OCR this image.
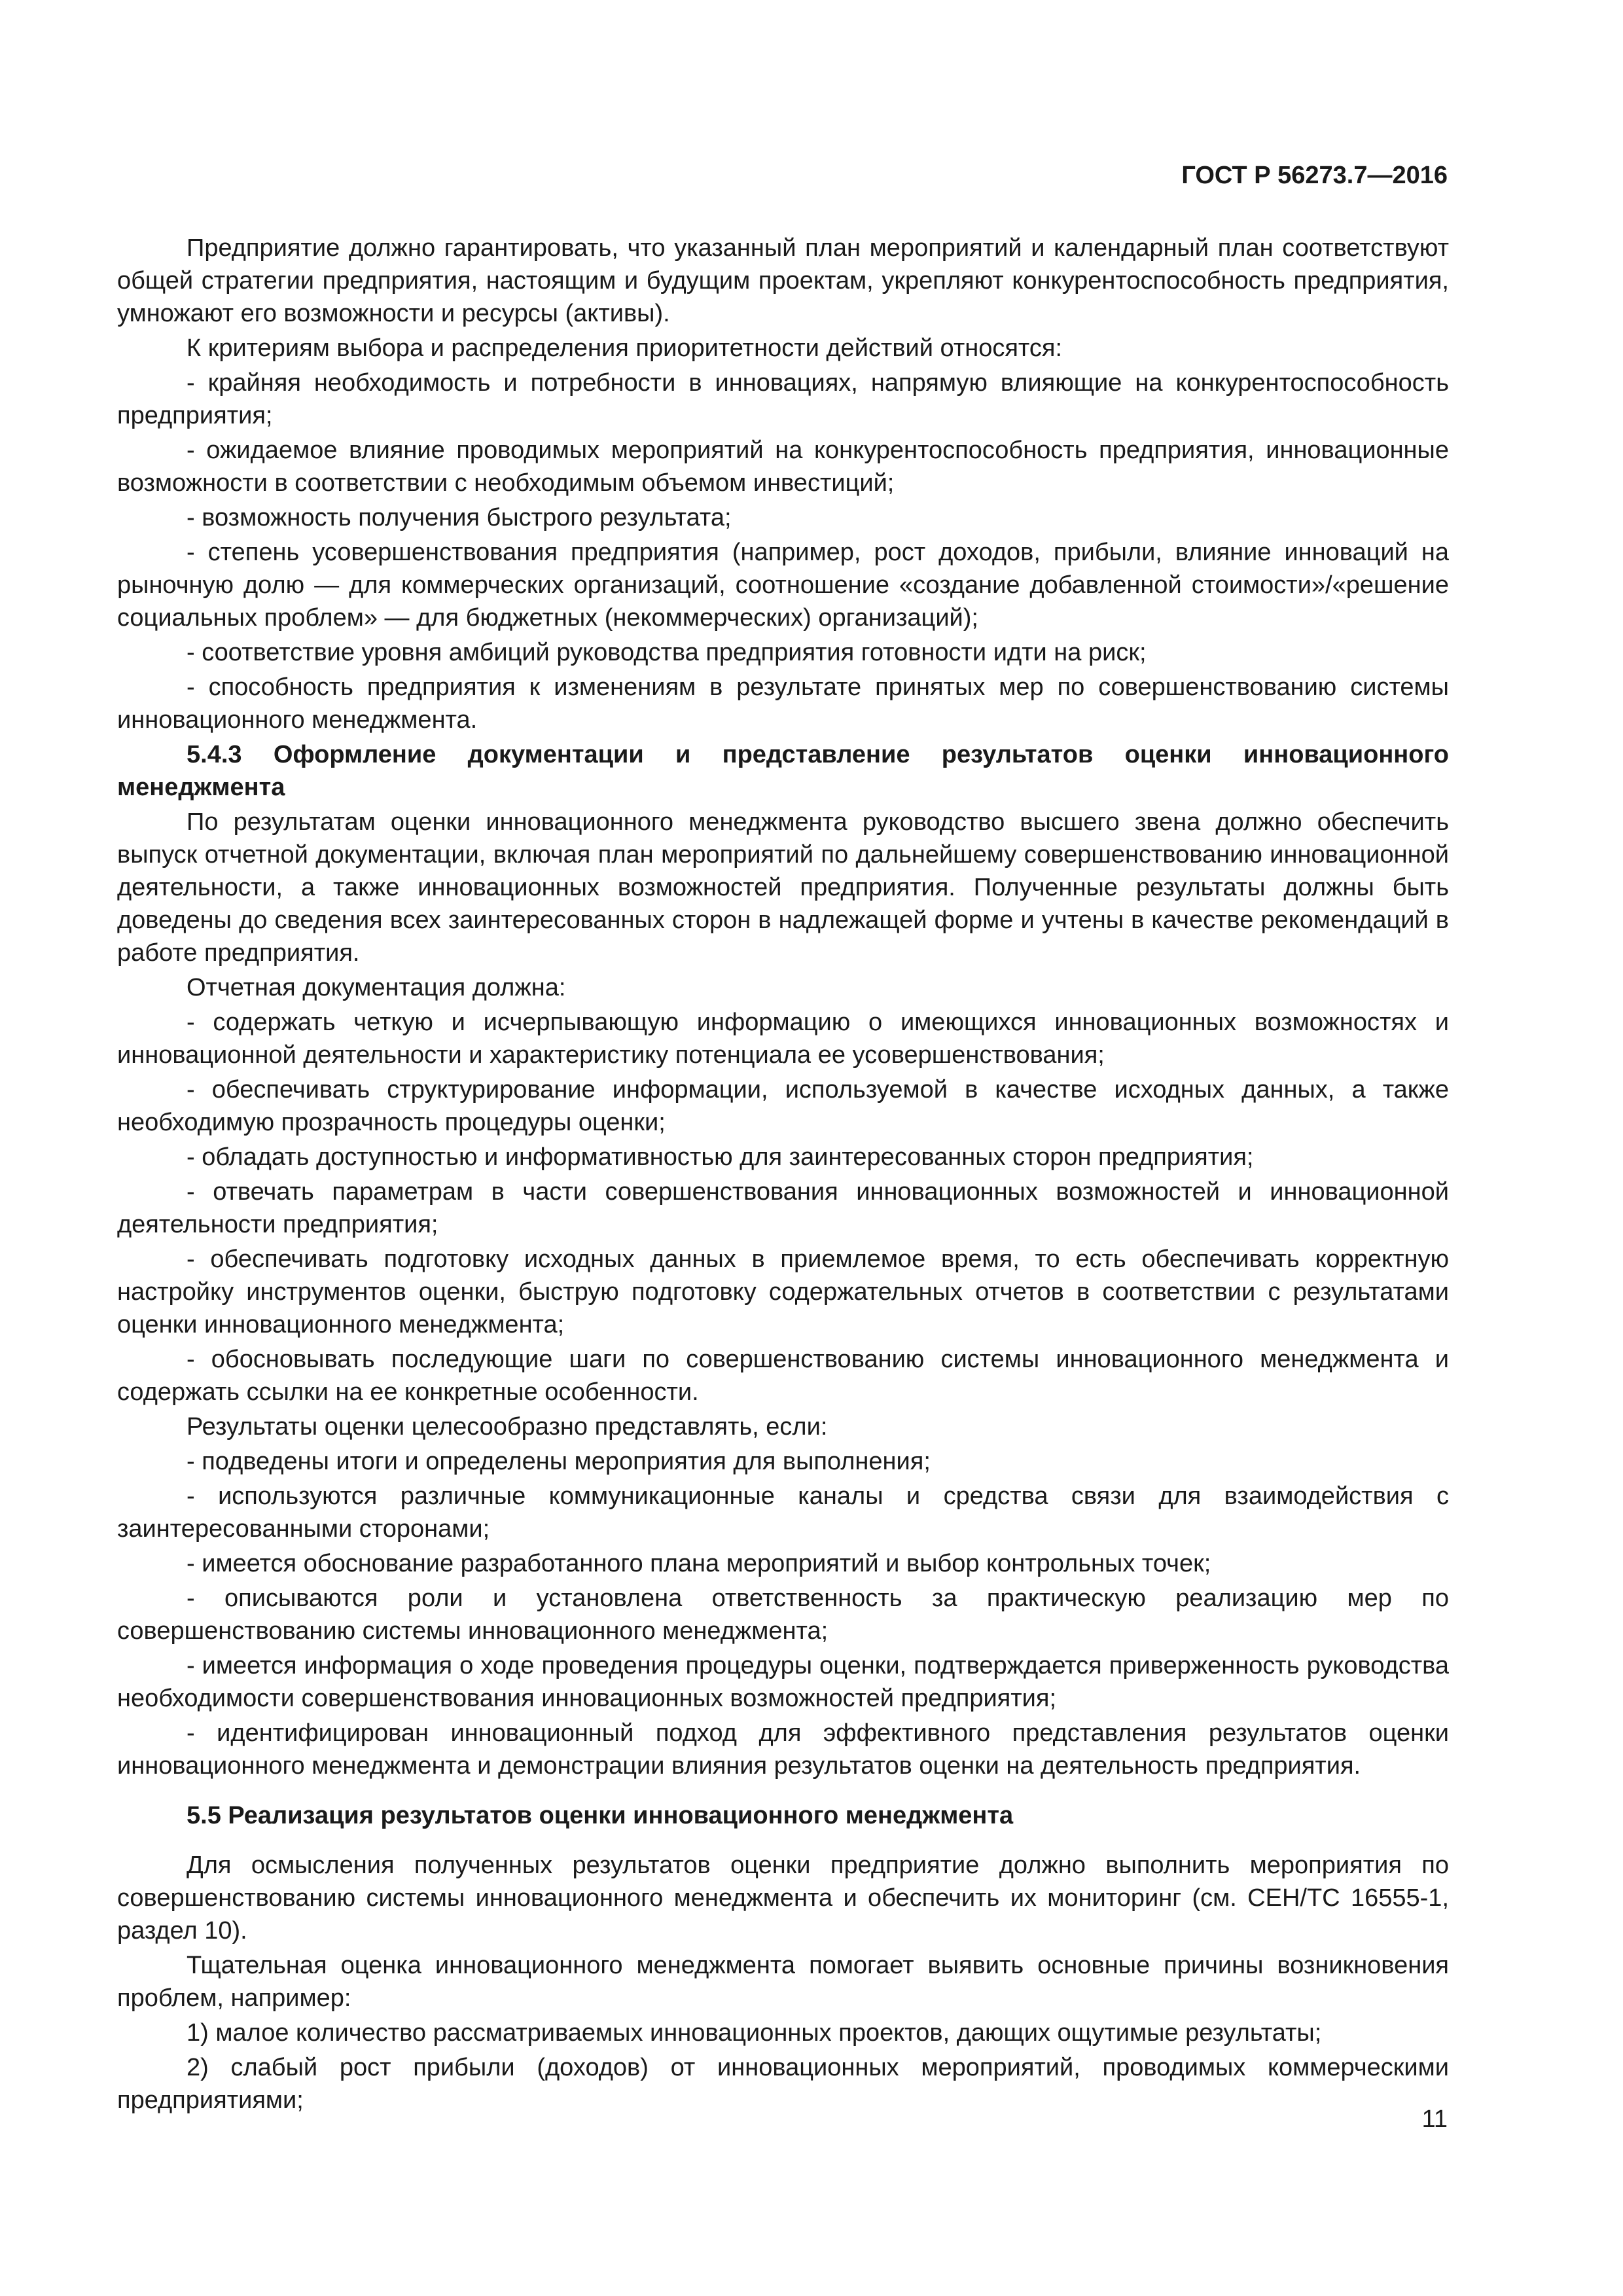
ГОСТ Р 56273.7—2016

Предприятие должно гарантировать, что указанный план мероприятий и календарный план соответствуют общей стратегии предприятия, настоящим и будущим проектам, укрепляют конкурентоспособность предприятия, умножают его возможности и ресурсы (активы).

К критериям выбора и распределения приоритетности действий относятся:

- крайняя необходимость и потребности в инновациях, напрямую влияющие на конкурентоспособность предприятия;

- ожидаемое влияние проводимых мероприятий на конкурентоспособность предприятия, инновационные возможности в соответствии с необходимым объемом инвестиций;

- возможность получения быстрого результата;

- степень усовершенствования предприятия (например, рост доходов, прибыли, влияние инноваций на рыночную долю — для коммерческих организаций, соотношение «создание добавленной стоимости»/«решение социальных проблем» — для бюджетных (некоммерческих) организаций);

- соответствие уровня амбиций руководства предприятия готовности идти на риск;

- способность предприятия к изменениям в результате принятых мер по совершенствованию системы инновационного менеджмента.

5.4.3 Оформление документации и представление результатов оценки инновационного менеджмента

По результатам оценки инновационного менеджмента руководство высшего звена должно обеспечить выпуск отчетной документации, включая план мероприятий по дальнейшему совершенствованию инновационной деятельности, а также инновационных возможностей предприятия. Полученные результаты должны быть доведены до сведения всех заинтересованных сторон в надлежащей форме и учтены в качестве рекомендаций в работе предприятия.

Отчетная документация должна:

- содержать четкую и исчерпывающую информацию о имеющихся инновационных возможностях и инновационной деятельности и характеристику потенциала ее усовершенствования;

- обеспечивать структурирование информации, используемой в качестве исходных данных, а также необходимую прозрачность процедуры оценки;

- обладать доступностью и информативностью для заинтересованных сторон предприятия;

- отвечать параметрам в части совершенствования инновационных возможностей и инновационной деятельности предприятия;

- обеспечивать подготовку исходных данных в приемлемое время, то есть обеспечивать корректную настройку инструментов оценки, быструю подготовку содержательных отчетов в соответствии с результатами оценки инновационного менеджмента;

- обосновывать последующие шаги по совершенствованию системы инновационного менеджмента и содержать ссылки на ее конкретные особенности.

Результаты оценки целесообразно представлять, если:

- подведены итоги и определены мероприятия для выполнения;

- используются различные коммуникационные каналы и средства связи для взаимодействия с заинтересованными сторонами;

- имеется обоснование разработанного плана мероприятий и выбор контрольных точек;

- описываются роли и установлена ответственность за практическую реализацию мер по совершенствованию системы инновационного менеджмента;

- имеется информация о ходе проведения процедуры оценки, подтверждается приверженность руководства необходимости совершенствования инновационных возможностей предприятия;

- идентифицирован инновационный подход для эффективного представления результатов оценки инновационного менеджмента и демонстрации влияния результатов оценки на деятельность предприятия.

5.5 Реализация результатов оценки инновационного менеджмента

Для осмысления полученных результатов оценки предприятие должно выполнить мероприятия по совершенствованию системы инновационного менеджмента и обеспечить их мониторинг (см. СЕН/ТС 16555-1, раздел 10).

Тщательная оценка инновационного менеджмента помогает выявить основные причины возникновения проблем, например:

1) малое количество рассматриваемых инновационных проектов, дающих ощутимые результаты;

2) слабый рост прибыли (доходов) от инновационных мероприятий, проводимых коммерческими предприятиями;

11
